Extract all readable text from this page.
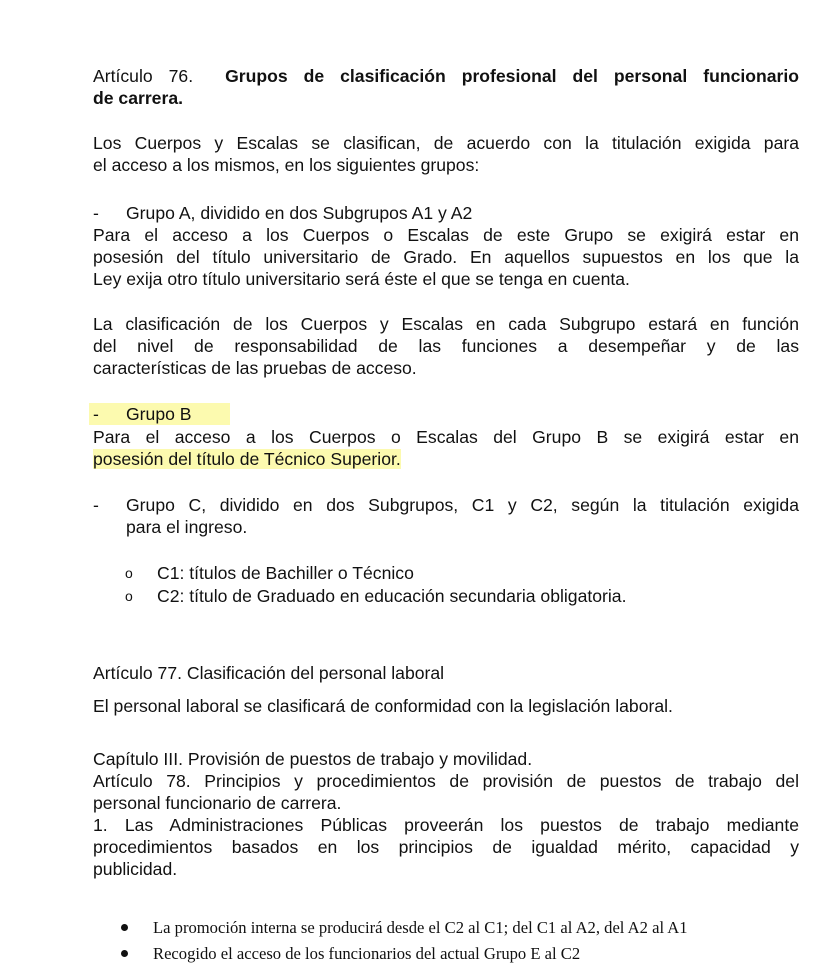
Artículo 76. Grupos de clasificación profesional del personal funcionario
de carrera.
Los Cuerpos y Escalas se clasifican, de acuerdo con la titulación exigida para
el acceso a los mismos, en los siguientes grupos:
- Grupo A, dividido en dos Subgrupos A1 y A2
Para el acceso a los Cuerpos o Escalas de este Grupo se exigirá estar en
posesión del título universitario de Grado. En aquellos supuestos en los que la
Ley exija otro título universitario será éste el que se tenga en cuenta.
La clasificación de los Cuerpos y Escalas en cada Subgrupo estará en función
del nivel de responsabilidad de las funciones a desempeñar y de las
características de las pruebas de acceso.
- Grupo B
Para el acceso a los Cuerpos o Escalas del Grupo B se exigirá estar en
posesión del título de Técnico Superior.
- Grupo C, dividido en dos Subgrupos, C1 y C2, según la titulación exigida
para el ingreso.
o C1: títulos de Bachiller o Técnico
o C2: título de Graduado en educación secundaria obligatoria.
Artículo 77. Clasificación del personal laboral
El personal laboral se clasificará de conformidad con la legislación laboral.
Capítulo III. Provisión de puestos de trabajo y movilidad.
Artículo 78. Principios y procedimientos de provisión de puestos de trabajo del
personal funcionario de carrera.
1. Las Administraciones Públicas proveerán los puestos de trabajo mediante
procedimientos basados en los principios de igualdad mérito, capacidad y
publicidad.
La promoción interna se producirá desde el C2 al C1; del C1 al A2, del A2 al A1
Recogido el acceso de los funcionarios del actual Grupo E al C2
